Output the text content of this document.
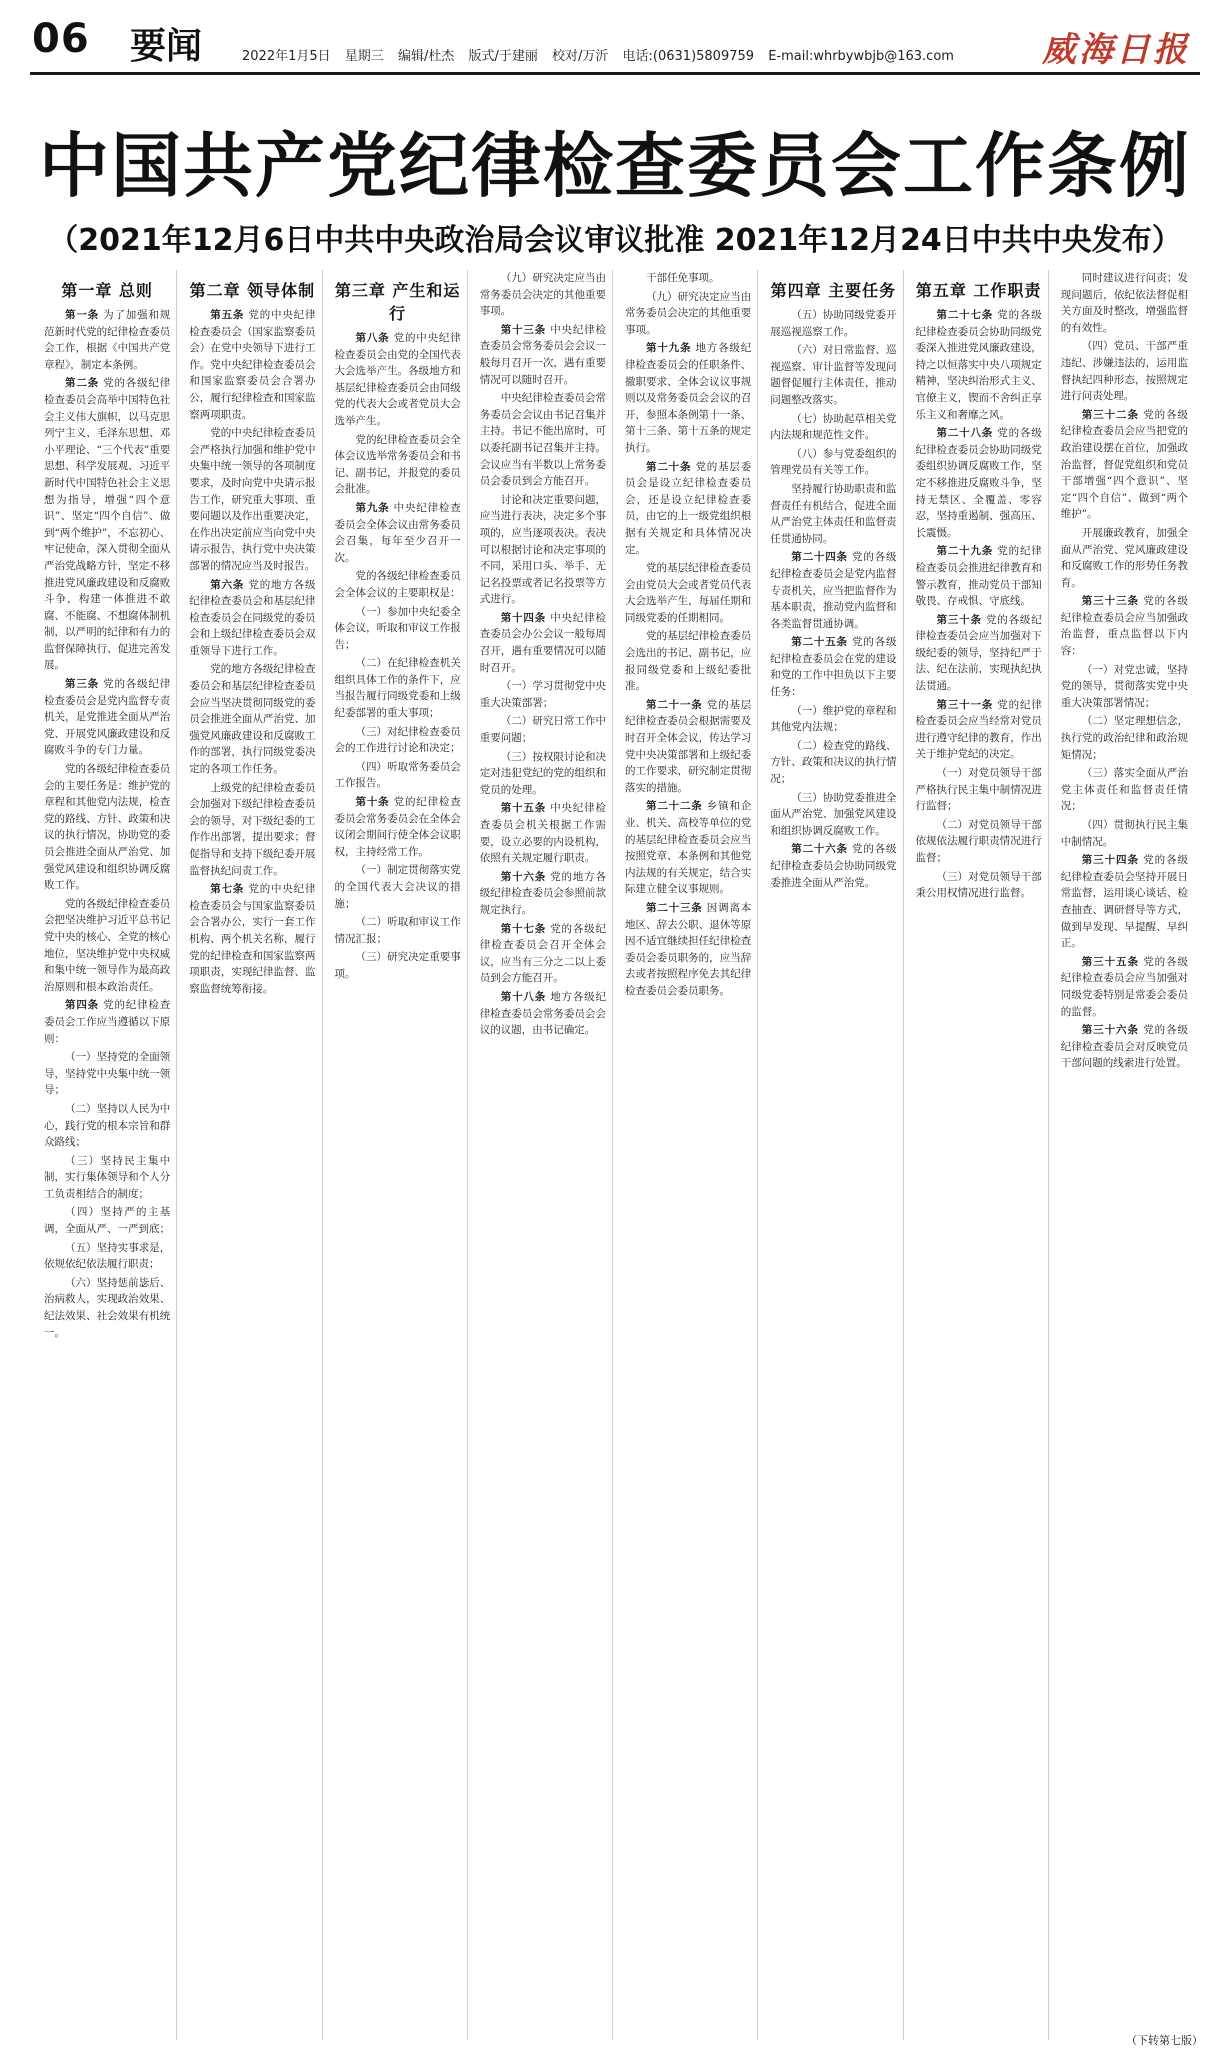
06 要闻	2022年1月5日 星期三 编辑/杜杰 版式/于建丽 校对/万沂 电话:(0631)5809759 E-mail:whrbywbjb@163.com	威海日报
中国共产党纪律检查委员会工作条例
（2021年12月6日中共中央政治局会议审议批准 2021年12月24日中共中央发布）
第一章 总则

第一条 为了加强和规范新时代党的纪律检查委员会工作，根据《中国共产党章程》，制定本条例。

第二条 党的各级纪律检查委员会高举中国特色社会主义伟大旗帜，以马克思列宁主义、毛泽东思想、邓小平理论、“三个代表”重要思想、科学发展观、习近平新时代中国特色社会主义思想为指导，增强“四个意识”、坚定“四个自信”、做到“两个维护”，不忘初心、牢记使命，深入贯彻全面从严治党战略方针，坚定不移推进党风廉政建设和反腐败斗争，构建一体推进不敢腐、不能腐、不想腐体制机制，以严明的纪律和有力的监督保障执行、促进完善发展。

第三条 党的各级纪律检查委员会是党内监督专责机关，是党推进全面从严治党、开展党风廉政建设和反腐败斗争的专门力量。

党的各级纪律检查委员会的主要任务是：维护党的章程和其他党内法规，检查党的路线、方针、政策和决议的执行情况，协助党的委员会推进全面从严治党、加强党风建设和组织协调反腐败工作。

党的各级纪律检查委员会把坚决维护习近平总书记党中央的核心、全党的核心地位，坚决维护党中央权威和集中统一领导作为最高政治原则和根本政治责任。

第四条 党的纪律检查委员会工作应当遵循以下原则：

（一）坚持党的全面领导，坚持党中央集中统一领导；

（二）坚持以人民为中心，践行党的根本宗旨和群众路线；

（三）坚持民主集中制，实行集体领导和个人分工负责相结合的制度；

（四）坚持严的主基调，全面从严、一严到底；

（五）坚持实事求是，依规依纪依法履行职责；

（六）坚持惩前毖后、治病救人，实现政治效果、纪法效果、社会效果有机统一。

第二章 领导体制

第五条 党的中央纪律检查委员会（国家监察委员会）在党中央领导下进行工作。党中央纪律检查委员会和国家监察委员会合署办公，履行纪律检查和国家监察两项职责。

党的中央纪律检查委员会严格执行加强和维护党中央集中统一领导的各项制度要求，及时向党中央请示报告工作，研究重大事项、重要问题以及作出重要决定，在作出决定前应当向党中央请示报告，执行党中央决策部署的情况应当及时报告。

第六条 党的地方各级纪律检查委员会和基层纪律检查委员会在同级党的委员会和上级纪律检查委员会双重领导下进行工作。

党的地方各级纪律检查委员会和基层纪律检查委员会应当坚决贯彻同级党的委员会推进全面从严治党、加强党风廉政建设和反腐败工作的部署，执行同级党委决定的各项工作任务。

上级党的纪律检查委员会加强对下级纪律检查委员会的领导，对下级纪委的工作作出部署，提出要求；督促指导和支持下级纪委开展监督执纪问责工作。

第七条 党的中央纪律检查委员会与国家监察委员会合署办公，实行一套工作机构、两个机关名称，履行党的纪律检查和国家监察两项职责，实现纪律监督、监察监督统筹衔接。

第三章 产生和运行

第八条 党的中央纪律检查委员会由党的全国代表大会选举产生。各级地方和基层纪律检查委员会由同级党的代表大会或者党员大会选举产生。

党的纪律检查委员会全体会议选举常务委员会和书记、副书记，并报党的委员会批准。

第九条 中央纪律检查委员会全体会议由常务委员会召集，每年至少召开一次。

党的各级纪律检查委员会全体会议的主要职权是：

（一）参加中央纪委全体会议，听取和审议工作报告；

（二）在纪律检查机关组织具体工作的条件下，应当报告履行同级党委和上级纪委部署的重大事项；

（三）对纪律检查委员会的工作进行讨论和决定；

（四）听取常务委员会工作报告。

第十条 党的纪律检查委员会常务委员会在全体会议闭会期间行使全体会议职权，主持经常工作。

（一）制定贯彻落实党的全国代表大会决议的措施；

（二）听取和审议工作情况汇报；

（三）研究决定重要事项。

（九）研究决定应当由常务委员会决定的其他重要事项。

第十三条 中央纪律检查委员会常务委员会会议一般每月召开一次，遇有重要情况可以随时召开。

中央纪律检查委员会常务委员会会议由书记召集并主持。书记不能出席时，可以委托副书记召集并主持。会议应当有半数以上常务委员会委员到会方能召开。

讨论和决定重要问题，应当进行表决，决定多个事项的，应当逐项表决。表决可以根据讨论和决定事项的不同，采用口头、举手、无记名投票或者记名投票等方式进行。

第十四条 中央纪律检查委员会办公会议一般每周召开，遇有重要情况可以随时召开。

（一）学习贯彻党中央重大决策部署；

（二）研究日常工作中重要问题；

（三）按权限讨论和决定对违犯党纪的党的组织和党员的处理。

第十五条 中央纪律检查委员会机关根据工作需要，设立必要的内设机构，依照有关规定履行职责。

第十六条 党的地方各级纪律检查委员会参照前款规定执行。

第十七条 党的各级纪律检查委员会召开全体会议，应当有三分之二以上委员到会方能召开。

第十八条 地方各级纪律检查委员会常务委员会会议的议题，由书记确定。

干部任免事项。

（九）研究决定应当由常务委员会决定的其他重要事项。

第十九条 地方各级纪律检查委员会的任职条件、撤职要求、全体会议议事规则以及常务委员会会议的召开，参照本条例第十一条、第十三条、第十五条的规定执行。

第二十条 党的基层委员会是设立纪律检查委员会，还是设立纪律检查委员，由它的上一级党组织根据有关规定和具体情况决定。

党的基层纪律检查委员会由党员大会或者党员代表大会选举产生，每届任期和同级党委的任期相同。

党的基层纪律检查委员会选出的书记、副书记，应报同级党委和上级纪委批准。

第二十一条 党的基层纪律检查委员会根据需要及时召开全体会议，传达学习党中央决策部署和上级纪委的工作要求，研究制定贯彻落实的措施。

第二十二条 乡镇和企业、机关、高校等单位的党的基层纪律检查委员会应当按照党章、本条例和其他党内法规的有关规定，结合实际建立健全议事规则。

第二十三条 因调离本地区、辞去公职、退休等原因不适宜继续担任纪律检查委员会委员职务的，应当辞去或者按照程序免去其纪律检查委员会委员职务。

第四章 主要任务

（五）协助同级党委开展巡视巡察工作。

（六）对日常监督、巡视巡察、审计监督等发现问题督促履行主体责任，推动问题整改落实。

（七）协助起草相关党内法规和规范性文件。

（八）参与党委组织的管理党员有关等工作。

坚持履行协助职责和监督责任有机结合，促进全面从严治党主体责任和监督责任贯通协同。

第二十四条 党的各级纪律检查委员会是党内监督专责机关，应当把监督作为基本职责，推动党内监督和各类监督贯通协调。

第二十五条 党的各级纪律检查委员会在党的建设和党的工作中担负以下主要任务：

（一）维护党的章程和其他党内法规；

（二）检查党的路线、方针、政策和决议的执行情况；

（三）协助党委推进全面从严治党、加强党风建设和组织协调反腐败工作。

第二十六条 党的各级纪律检查委员会协助同级党委推进全面从严治党。

第五章 工作职责

第二十七条 党的各级纪律检查委员会协助同级党委深入推进党风廉政建设，持之以恒落实中央八项规定精神，坚决纠治形式主义、官僚主义，锲而不舍纠正享乐主义和奢靡之风。

第二十八条 党的各级纪律检查委员会协助同级党委组织协调反腐败工作，坚定不移推进反腐败斗争，坚持无禁区、全覆盖、零容忍，坚持重遏制、强高压、长震慑。

第二十九条 党的纪律检查委员会推进纪律教育和警示教育，推动党员干部知敬畏、存戒惧、守底线。

第三十条 党的各级纪律检查委员会应当加强对下级纪委的领导，坚持纪严于法、纪在法前，实现执纪执法贯通。

第三十一条 党的纪律检查委员会应当经常对党员进行遵守纪律的教育，作出关于维护党纪的决定。

（一）对党员领导干部严格执行民主集中制情况进行监督；

（二）对党员领导干部依规依法履行职责情况进行监督；

（三）对党员领导干部秉公用权情况进行监督。

同时建议进行问责；发现问题后，依纪依法督促相关方面及时整改，增强监督的有效性。

（四）党员、干部严重违纪、涉嫌违法的，运用监督执纪四种形态，按照规定进行问责处理。

第三十二条 党的各级纪律检查委员会应当把党的政治建设摆在首位，加强政治监督，督促党组织和党员干部增强“四个意识”、坚定“四个自信”、做到“两个维护”。

开展廉政教育，加强全面从严治党、党风廉政建设和反腐败工作的形势任务教育。

第三十三条 党的各级纪律检查委员会应当加强政治监督，重点监督以下内容：

（一）对党忠诚，坚持党的领导，贯彻落实党中央重大决策部署情况；

（二）坚定理想信念，执行党的政治纪律和政治规矩情况；

（三）落实全面从严治党主体责任和监督责任情况；

（四）贯彻执行民主集中制情况。

第三十四条 党的各级纪律检查委员会坚持开展日常监督，运用谈心谈话、检查抽查、调研督导等方式，做到早发现、早提醒、早纠正。

第三十五条 党的各级纪律检查委员会应当加强对同级党委特别是常委会委员的监督。

第三十六条 党的各级纪律检查委员会对反映党员干部问题的线索进行处置。

（下转第七版）
